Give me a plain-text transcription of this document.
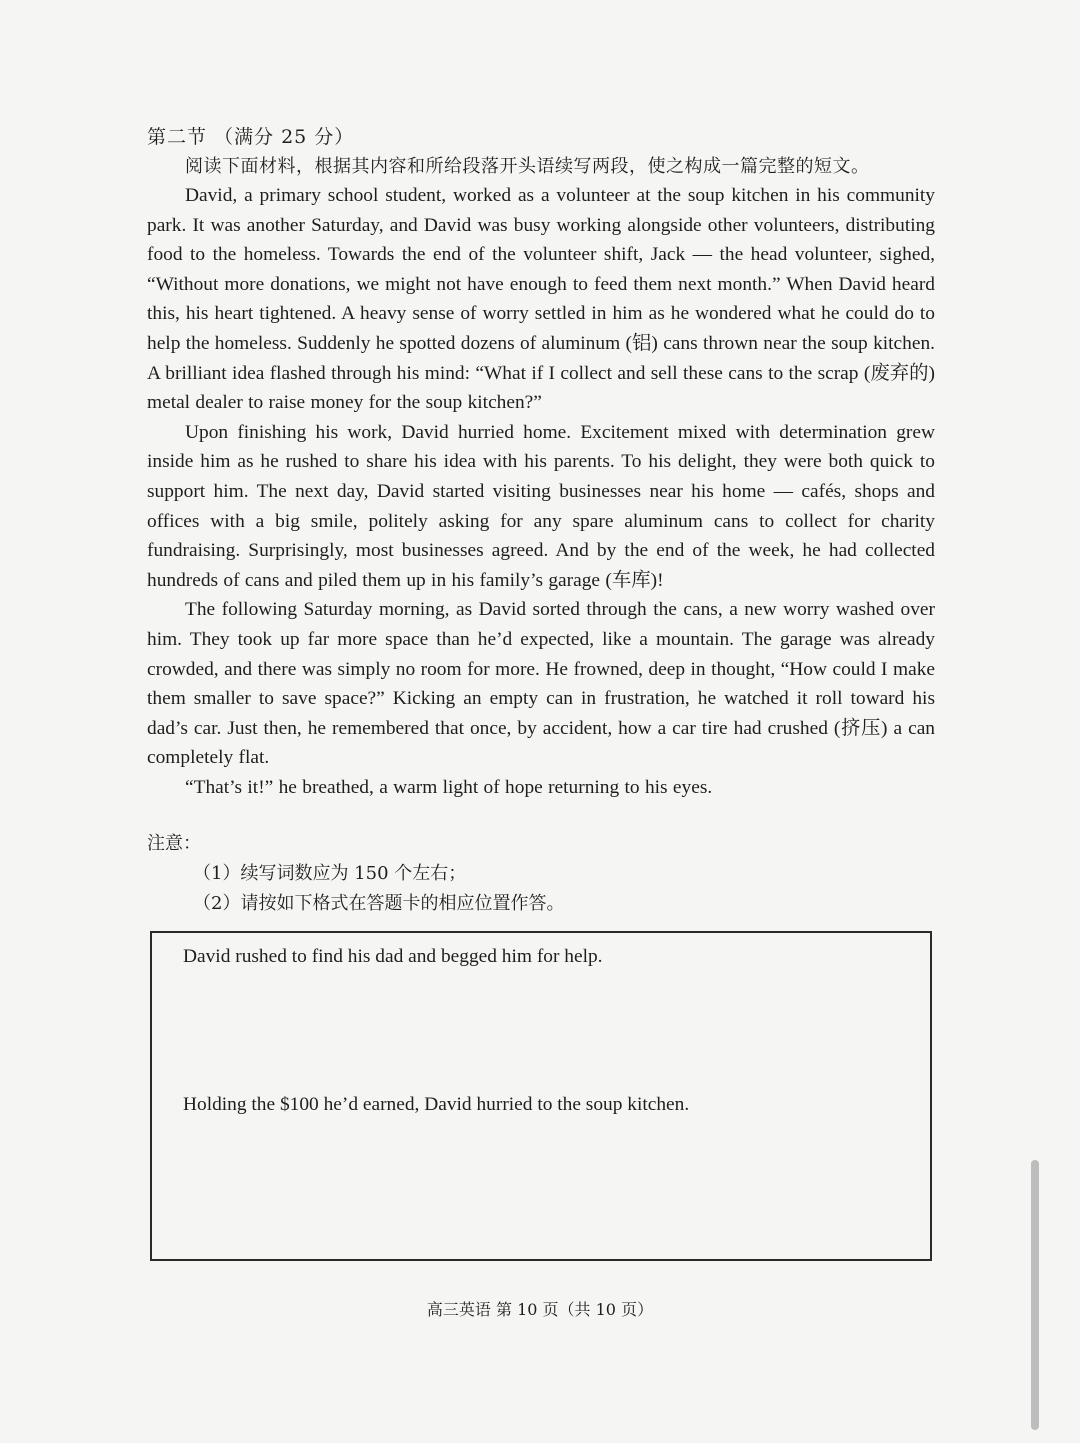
第二节 （满分 25 分）

阅读下面材料，根据其内容和所给段落开头语续写两段，使之构成一篇完整的短文。

David, a primary school student, worked as a volunteer at the soup kitchen in his community park. It was another Saturday, and David was busy working alongside other volunteers, distributing food to the homeless. Towards the end of the volunteer shift, Jack — the head volunteer, sighed, “Without more donations, we might not have enough to feed them next month.” When David heard this, his heart tightened. A heavy sense of worry settled in him as he wondered what he could do to help the homeless. Suddenly he spotted dozens of aluminum (铝) cans thrown near the soup kitchen. A brilliant idea flashed through his mind: “What if I collect and sell these cans to the scrap (废弃的) metal dealer to raise money for the soup kitchen?”

Upon finishing his work, David hurried home. Excitement mixed with determination grew inside him as he rushed to share his idea with his parents. To his delight, they were both quick to support him. The next day, David started visiting businesses near his home — cafés, shops and offices with a big smile, politely asking for any spare aluminum cans to collect for charity fundraising. Surprisingly, most businesses agreed. And by the end of the week, he had collected hundreds of cans and piled them up in his family’s garage (车库)!

The following Saturday morning, as David sorted through the cans, a new worry washed over him. They took up far more space than he’d expected, like a mountain. The garage was already crowded, and there was simply no room for more. He frowned, deep in thought, “How could I make them smaller to save space?” Kicking an empty can in frustration, he watched it roll toward his dad’s car. Just then, he remembered that once, by accident, how a car tire had crushed (挤压) a can completely flat.

“That’s it!” he breathed, a warm light of hope returning to his eyes.

注意：

（1）续写词数应为 150 个左右；

（2）请按如下格式在答题卡的相应位置作答。

David rushed to find his dad and begged him for help.

Holding the $100 he’d earned, David hurried to the soup kitchen.

高三英语 第 10 页（共 10 页）
